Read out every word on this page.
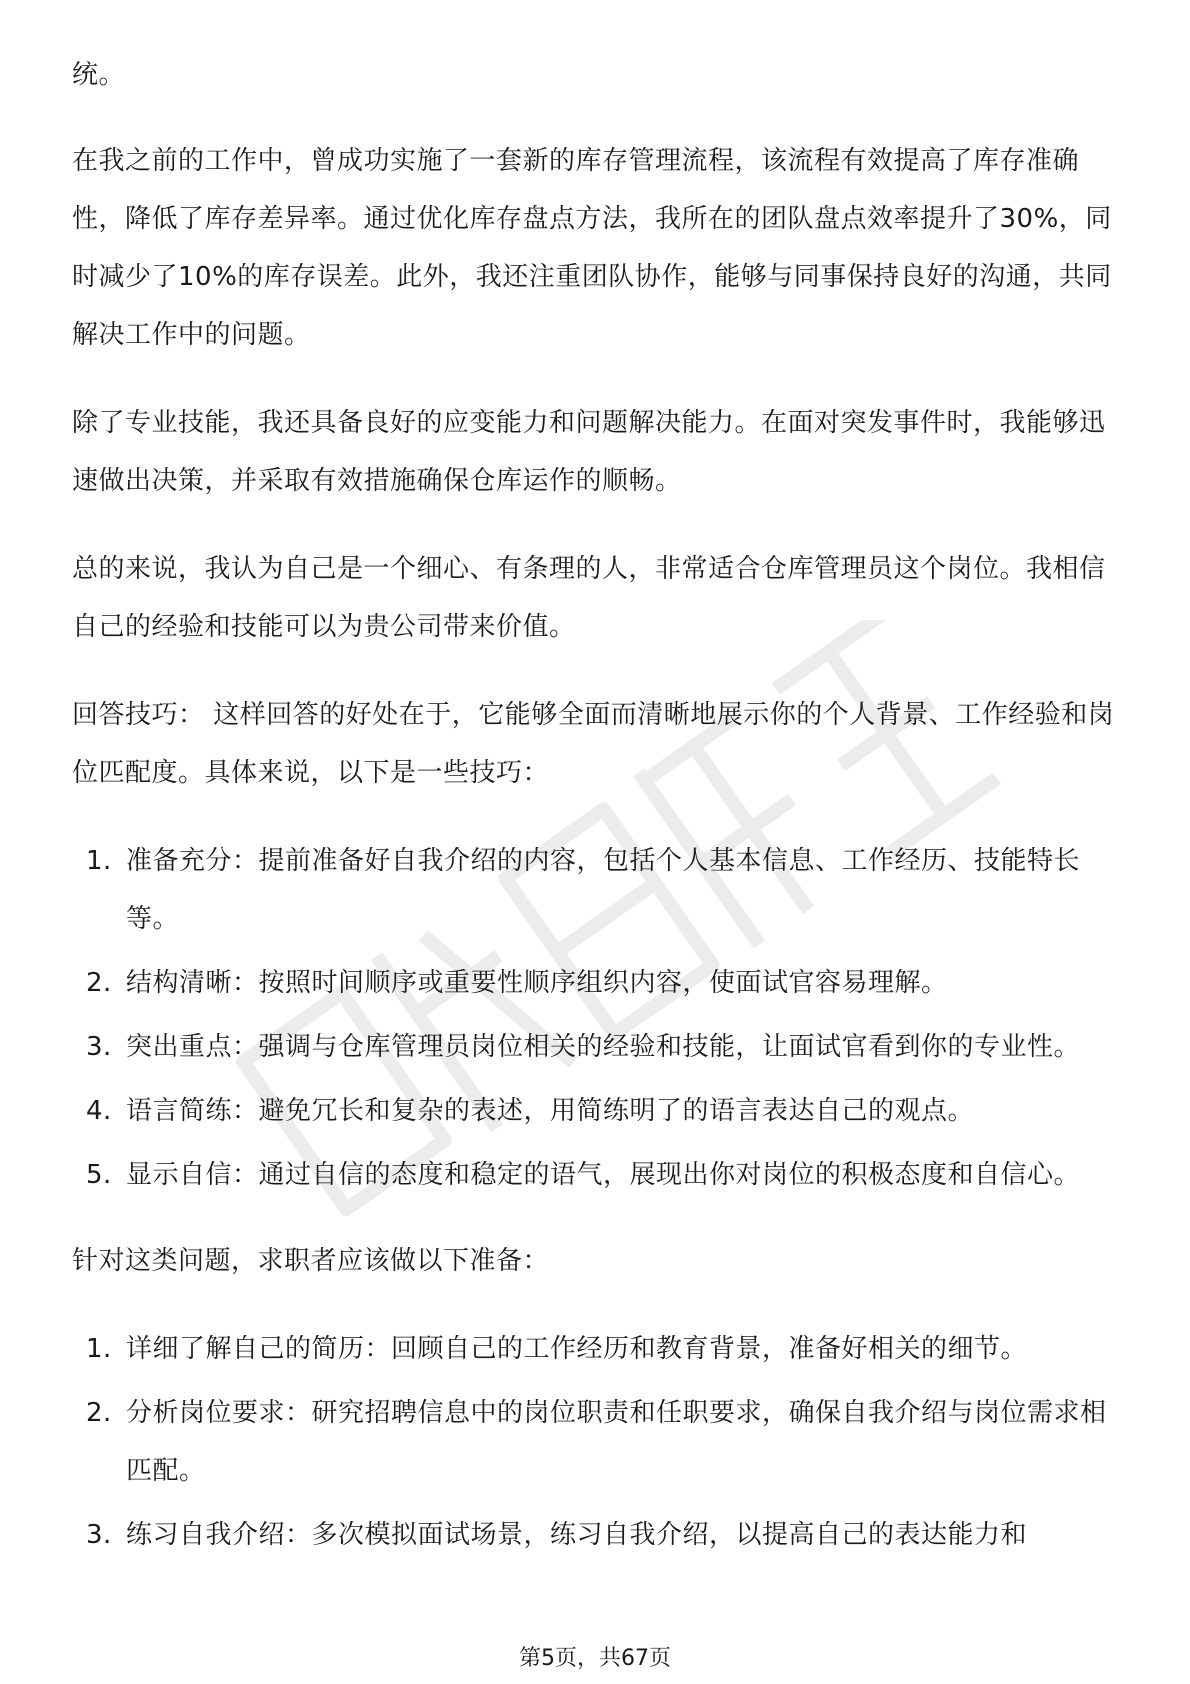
统。

在我之前的工作中，曾成功实施了一套新的库存管理流程，该流程有效提高了库存准确性，降低了库存差异率。通过优化库存盘点方法，我所在的团队盘点效率提升了30%，同时减少了10%的库存误差。此外，我还注重团队协作，能够与同事保持良好的沟通，共同解决工作中的问题。

除了专业技能，我还具备良好的应变能力和问题解决能力。在面对突发事件时，我能够迅速做出决策，并采取有效措施确保仓库运作的顺畅。

总的来说，我认为自己是一个细心、有条理的人，非常适合仓库管理员这个岗位。我相信自己的经验和技能可以为贵公司带来价值。

回答技巧： 这样回答的好处在于，它能够全面而清晰地展示你的个人背景、工作经验和岗位匹配度。具体来说，以下是一些技巧：

1. 准备充分：提前准备好自我介绍的内容，包括个人基本信息、工作经历、技能特长等。
2. 结构清晰：按照时间顺序或重要性顺序组织内容，使面试官容易理解。
3. 突出重点：强调与仓库管理员岗位相关的经验和技能，让面试官看到你的专业性。
4. 语言简练：避免冗长和复杂的表述，用简练明了的语言表达自己的观点。
5. 显示自信：通过自信的态度和稳定的语气，展现出你对岗位的积极态度和自信心。

针对这类问题，求职者应该做以下准备：

1. 详细了解自己的简历：回顾自己的工作经历和教育背景，准备好相关的细节。
2. 分析岗位要求：研究招聘信息中的岗位职责和任职要求，确保自我介绍与岗位需求相匹配。
3. 练习自我介绍：多次模拟面试场景，练习自我介绍，以提高自己的表达能力和
第5页，共67页
